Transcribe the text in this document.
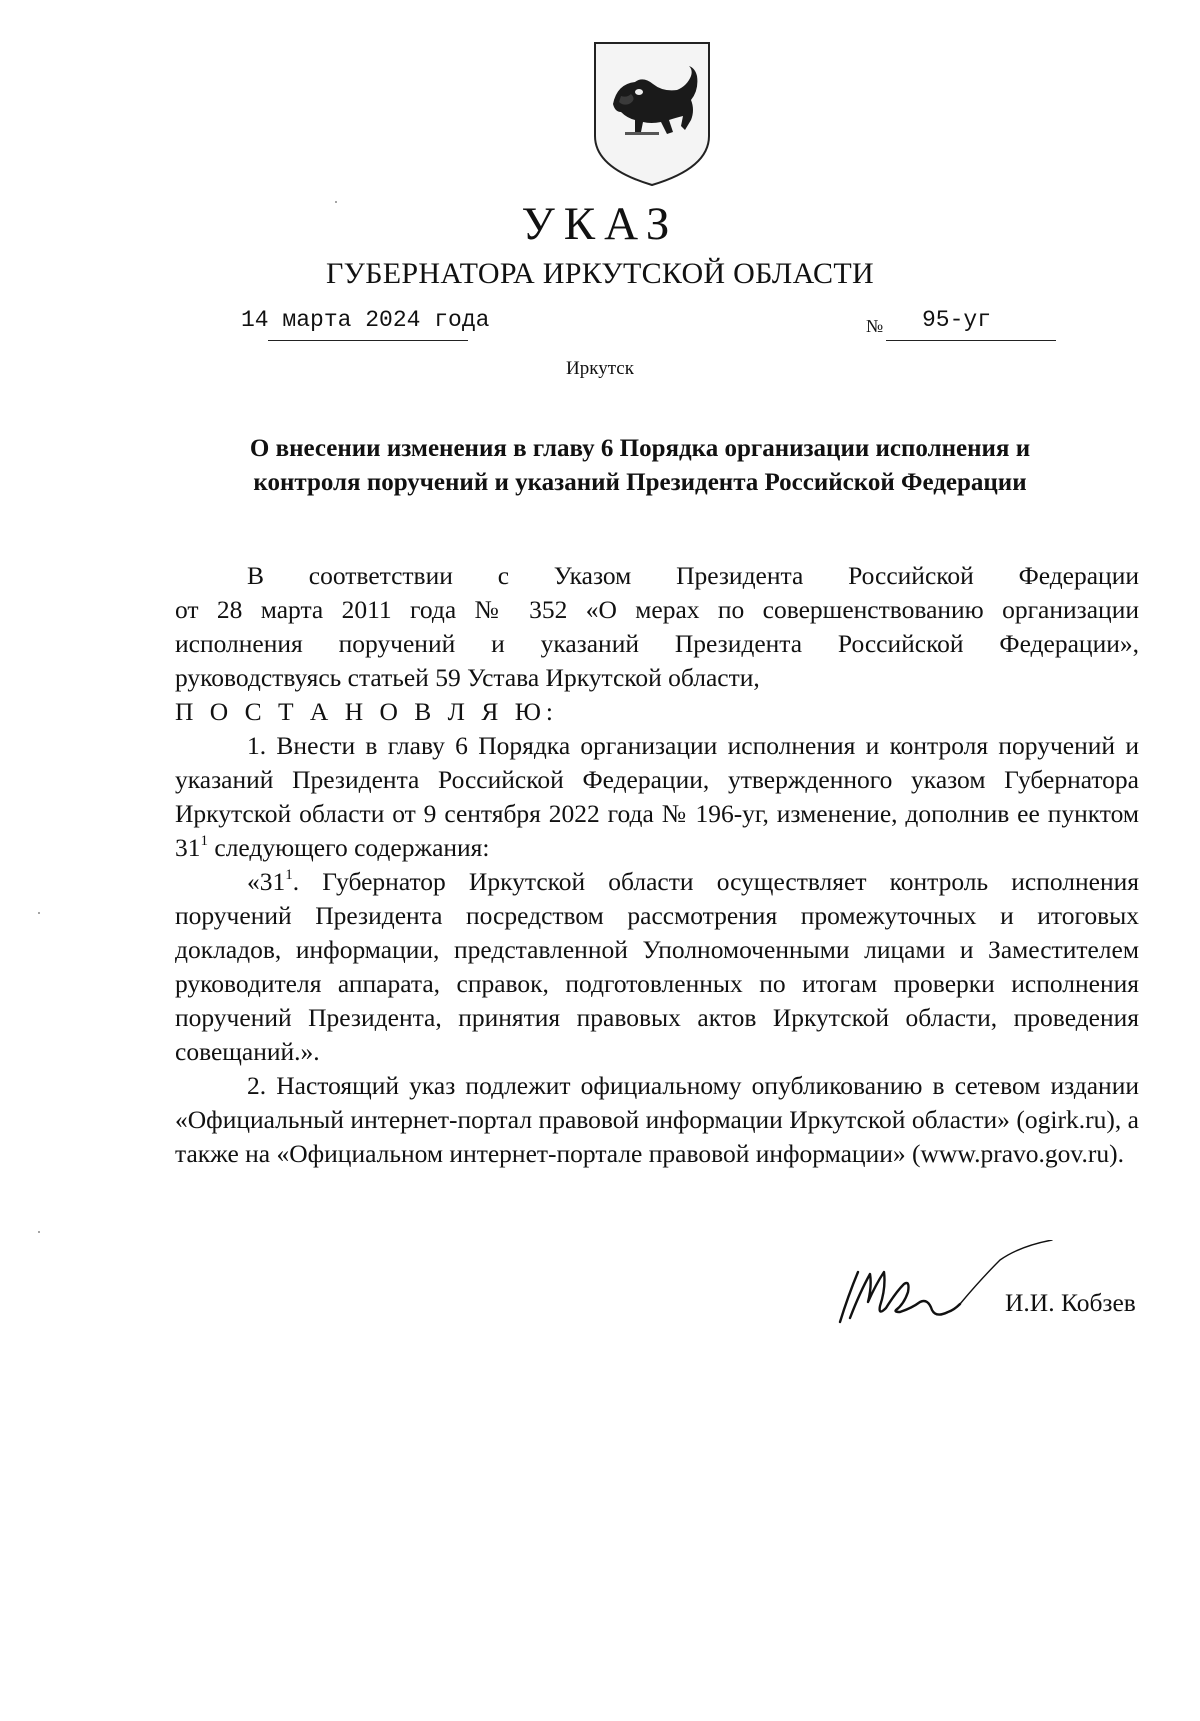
УКАЗ
ГУБЕРНАТОРА ИРКУТСКОЙ ОБЛАСТИ
14 марта 2024 года	№ 95-уг
Иркутск
О внесении изменения в главу 6 Порядка организации исполнения и
контроля поручений и указаний Президента Российской Федерации

В соответствии с Указом Президента Российской Федерации

от 28 марта 2011 года № 352 «О мерах по совершенствованию организации

исполнения поручений и указаний Президента Российской Федерации»,

руководствуясь статьей 59 Устава Иркутской области,

П О С Т А Н О В Л Я Ю:

1. Внести в главу 6 Порядка организации исполнения и контроля поручений и указаний Президента Российской Федерации, утвержденного указом Губернатора Иркутской области от 9 сентября 2022 года № 196-уг, изменение, дополнив ее пунктом $31^1$ следующего содержания:

«$31^1$. Губернатор Иркутской области осуществляет контроль исполнения поручений Президента посредством рассмотрения промежуточных и итоговых докладов, информации, представленной Уполномоченными лицами и Заместителем руководителя аппарата, справок, подготовленных по итогам проверки исполнения поручений Президента, принятия правовых актов Иркутской области, проведения совещаний.».

2. Настоящий указ подлежит официальному опубликованию в сетевом издании «Официальный интернет-портал правовой информации Иркутской области» (ogirk.ru), а также на «Официальном интернет-портале правовой информации» (www.pravo.gov.ru).

И.И. Кобзев
